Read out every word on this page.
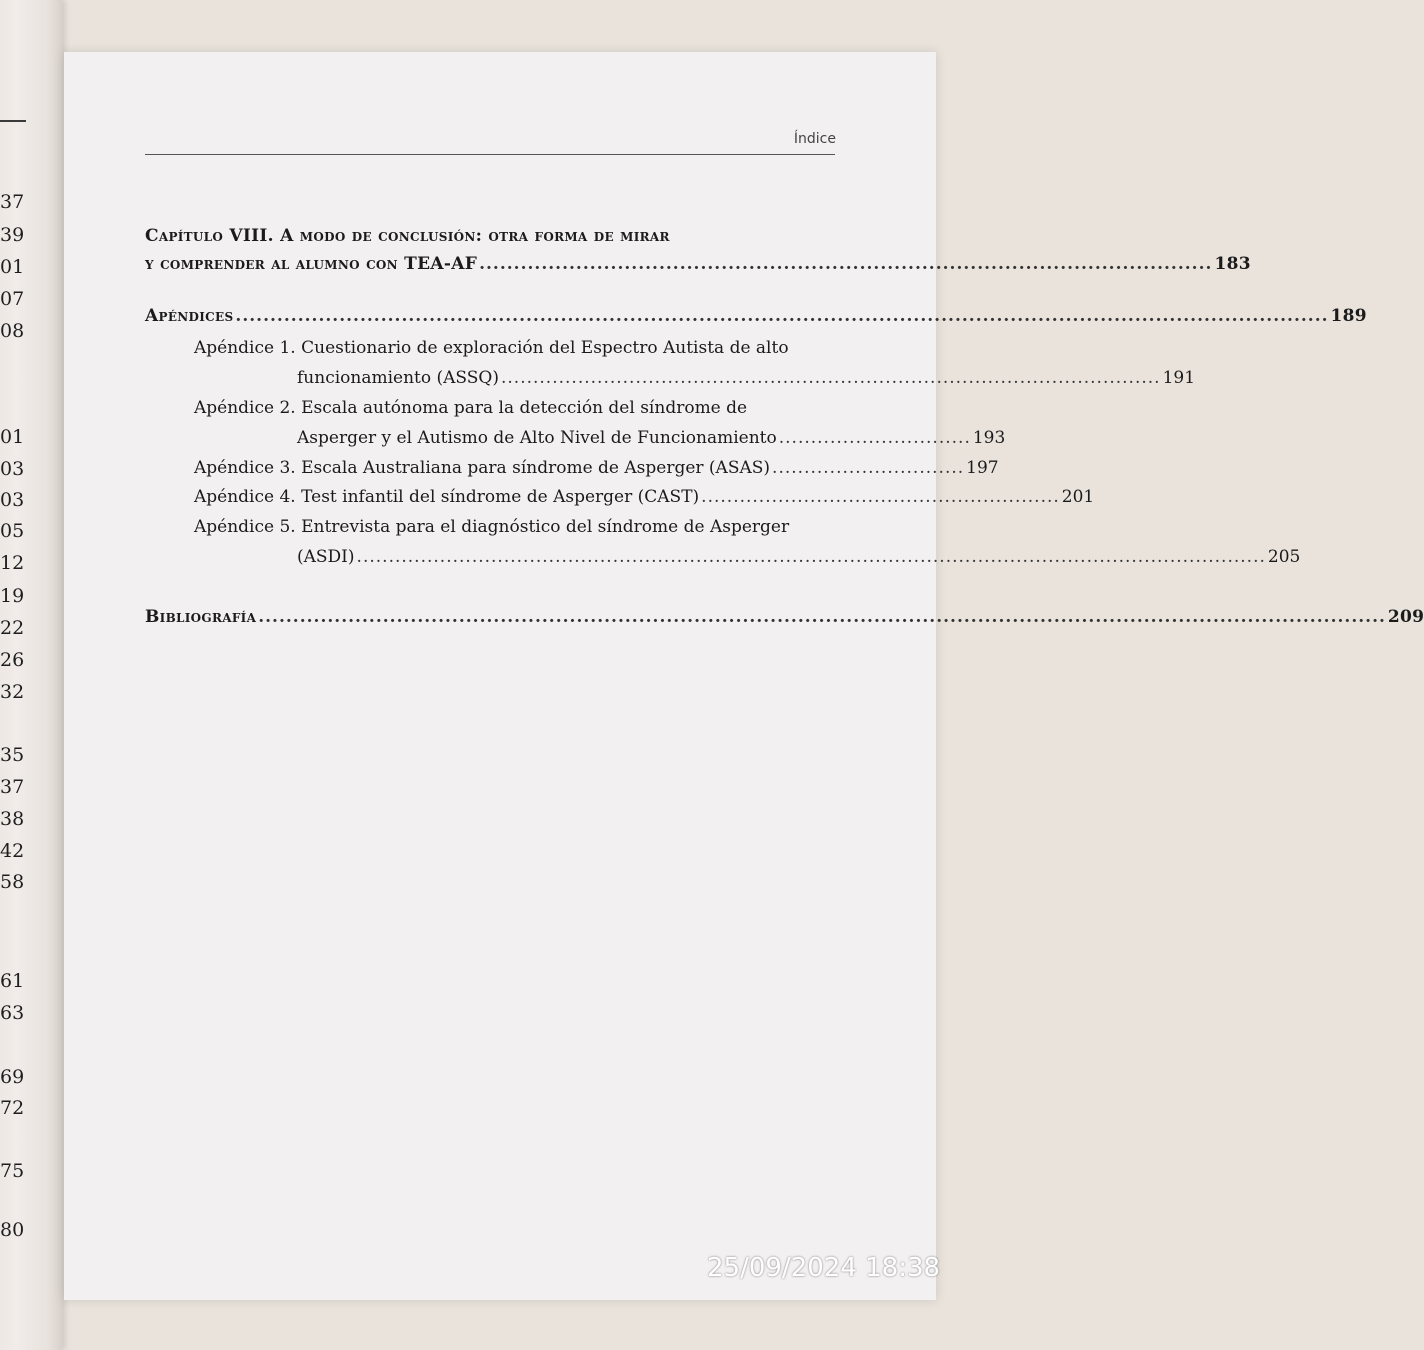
37
39
01
07
08
01
03
03
05
12
19
22
26
32
35
37
38
42
58
61
63
69
72
75
80
Índice
Capítulo VIII. A modo de conclusión: otra forma de mirar
y comprender al alumno con TEA-AF .......................................................................................................... 183
Apéndices .............................................................................................................................................................. 189
Apéndice 1.
Cuestionario de exploración del Espectro Autista de alto
funcionamiento (ASSQ) ....................................................................................................... 191
Apéndice 2.
Escala autónoma para la detección del síndrome de
Asperger y el Autismo de Alto Nivel de Funcionamiento .............................. 193
Apéndice 3.
Escala Australiana para síndrome de Asperger (ASAS) .............................. 197
Apéndice 4.
Test infantil del síndrome de Asperger (CAST) ........................................................ 201
Apéndice 5.
Entrevista para el diagnóstico del síndrome de Asperger
(ASDI) .............................................................................................................................................. 205
Bibliografía ................................................................................................................................................................... 209
25/09/2024 18:38
